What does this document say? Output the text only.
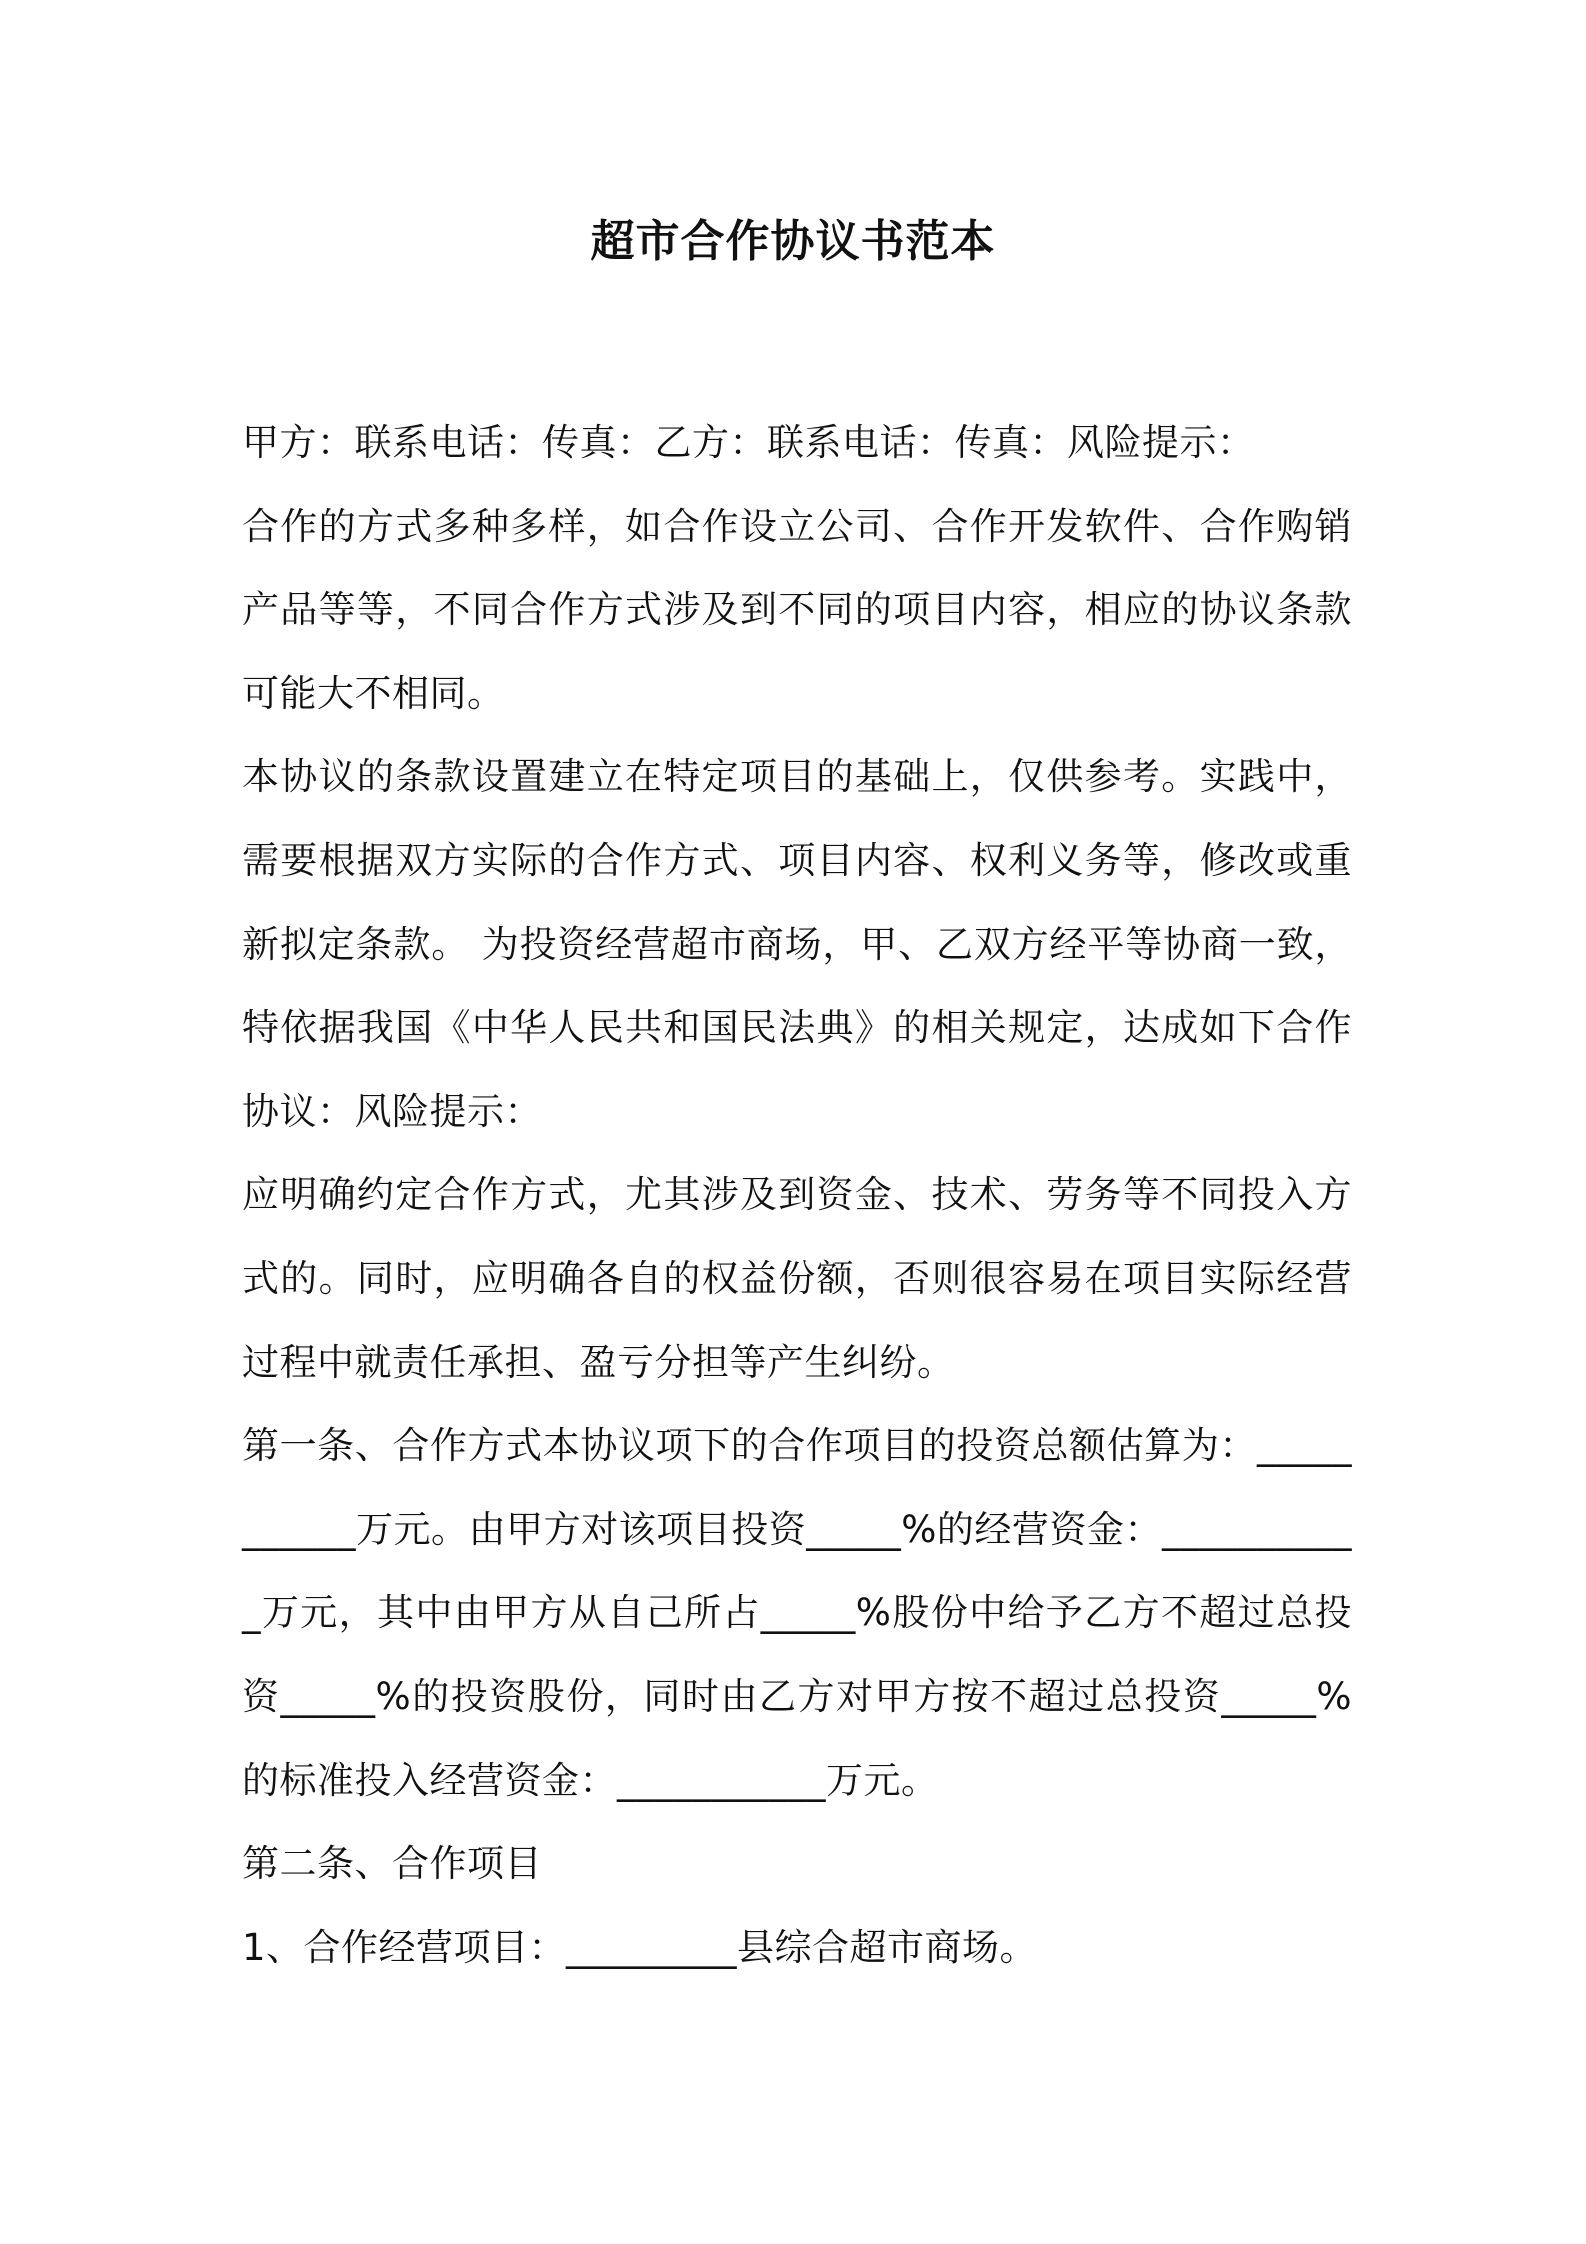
超市合作协议书范本

甲方：联系电话：传真：乙方：联系电话：传真：风险提示：

合作的方式多种多样，如合作设立公司、合作开发软件、合作购销产品等等，不同合作方式涉及到不同的项目内容，相应的协议条款可能大不相同。

本协议的条款设置建立在特定项目的基础上，仅供参考。实践中，需要根据双方实际的合作方式、项目内容、权利义务等，修改或重新拟定条款。 为投资经营超市商场，甲、乙双方经平等协商一致，特依据我国《中华人民共和国民法典》的相关规定，达成如下合作协议：风险提示：

应明确约定合作方式，尤其涉及到资金、技术、劳务等不同投入方式的。同时，应明确各自的权益份额，否则很容易在项目实际经营过程中就责任承担、盈亏分担等产生纠纷。

第一条、合作方式本协议项下的合作项目的投资总额估算为：___________万元。由甲方对该项目投资_____%的经营资金：___________万元，其中由甲方从自己所占_____%股份中给予乙方不超过总投资_____%的投资股份，同时由乙方对甲方按不超过总投资_____%的标准投入经营资金：___________万元。

第二条、合作项目

1、合作经营项目：_________县综合超市商场。
